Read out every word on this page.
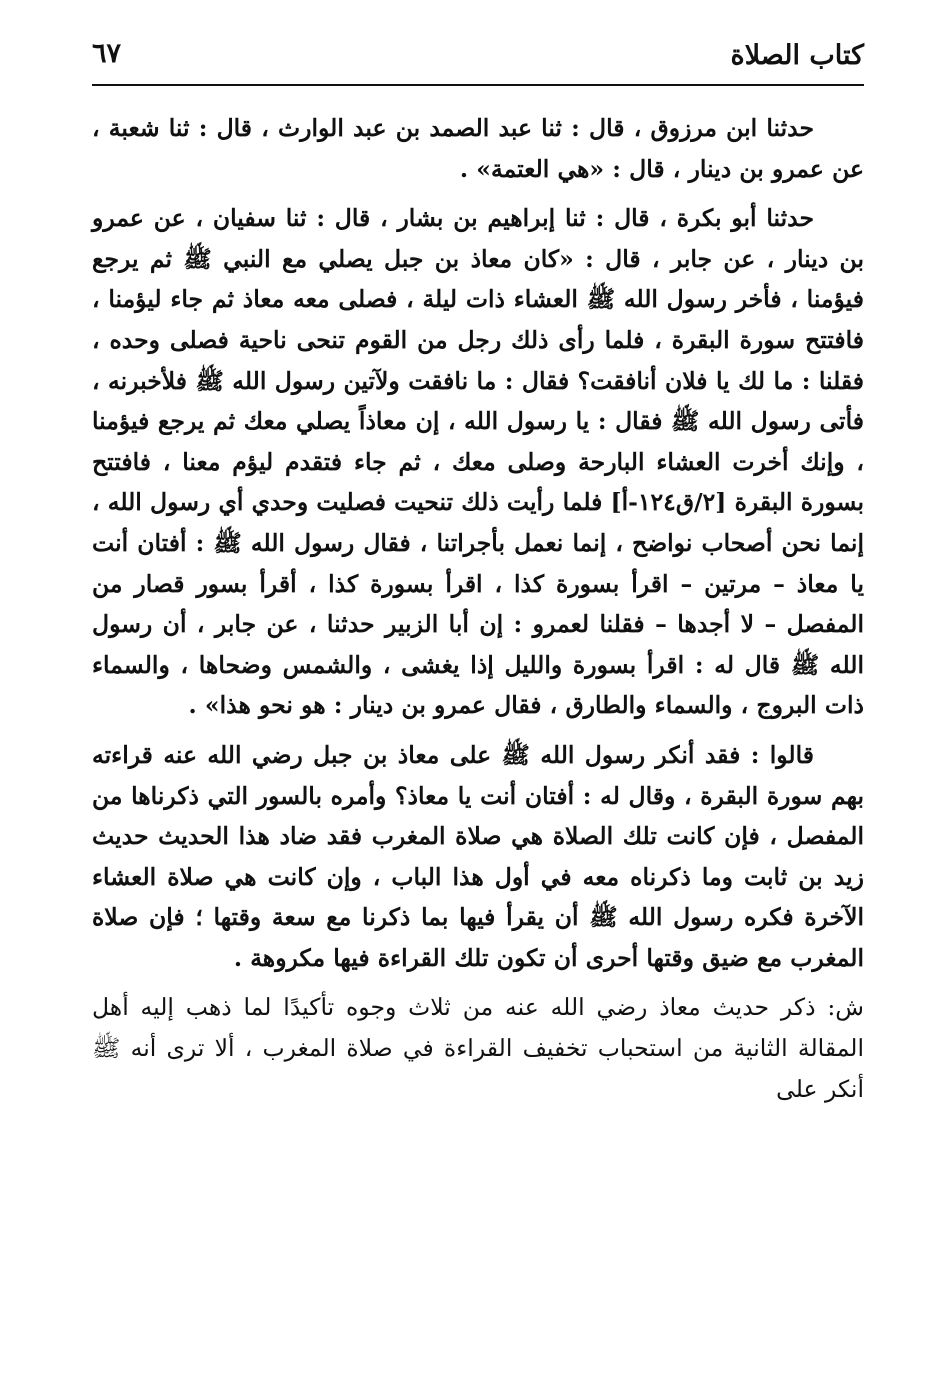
كتاب الصلاة
٦٧

حدثنا ابن مرزوق ، قال : ثنا عبد الصمد بن عبد الوارث ، قال : ثنا شعبة ، عن عمرو بن دينار ، قال : «هي العتمة» .

حدثنا أبو بكرة ، قال : ثنا إبراهيم بن بشار ، قال : ثنا سفيان ، عن عمرو بن دينار ، عن جابر ، قال : «كان معاذ بن جبل يصلي مع النبي ﷺ ثم يرجع فيؤمنا ، فأخر رسول الله ﷺ العشاء ذات ليلة ، فصلى معه معاذ ثم جاء ليؤمنا ، فافتتح سورة البقرة ، فلما رأى ذلك رجل من القوم تنحى ناحية فصلى وحده ، فقلنا : ما لك يا فلان أنافقت؟ فقال : ما نافقت ولآتين رسول الله ﷺ فلأخبرنه ، فأتى رسول الله ﷺ فقال : يا رسول الله ، إن معاذاً يصلي معك ثم يرجع فيؤمنا ، وإنك أخرت العشاء البارحة وصلى معك ، ثم جاء فتقدم ليؤم معنا ، فافتتح بسورة البقرة [٢/ق١٢٤-أ] فلما رأيت ذلك تنحيت فصليت وحدي أي رسول الله ، إنما نحن أصحاب نواضح ، إنما نعمل بأجراتنا ، فقال رسول الله ﷺ : أفتان أنت يا معاذ – مرتين – اقرأ بسورة كذا ، اقرأ بسورة كذا ، أقرأ بسور قصار من المفصل – لا أجدها – فقلنا لعمرو : إن أبا الزبير حدثنا ، عن جابر ، أن رسول الله ﷺ قال له : اقرأ بسورة والليل إذا يغشى ، والشمس وضحاها ، والسماء ذات البروج ، والسماء والطارق ، فقال عمرو بن دينار : هو نحو هذا» .

قالوا : فقد أنكر رسول الله ﷺ على معاذ بن جبل رضي الله عنه قراءته بهم سورة البقرة ، وقال له : أفتان أنت يا معاذ؟ وأمره بالسور التي ذكرناها من المفصل ، فإن كانت تلك الصلاة هي صلاة المغرب فقد ضاد هذا الحديث حديث زيد بن ثابت وما ذكرناه معه في أول هذا الباب ، وإن كانت هي صلاة العشاء الآخرة فكره رسول الله ﷺ أن يقرأ فيها بما ذكرنا مع سعة وقتها ؛ فإن صلاة المغرب مع ضيق وقتها أحرى أن تكون تلك القراءة فيها مكروهة .

ش: ذكر حديث معاذ رضي الله عنه من ثلاث وجوه تأكيدًا لما ذهب إليه أهل المقالة الثانية من استحباب تخفيف القراءة في صلاة المغرب ، ألا ترى أنه ﷺ أنكر على
